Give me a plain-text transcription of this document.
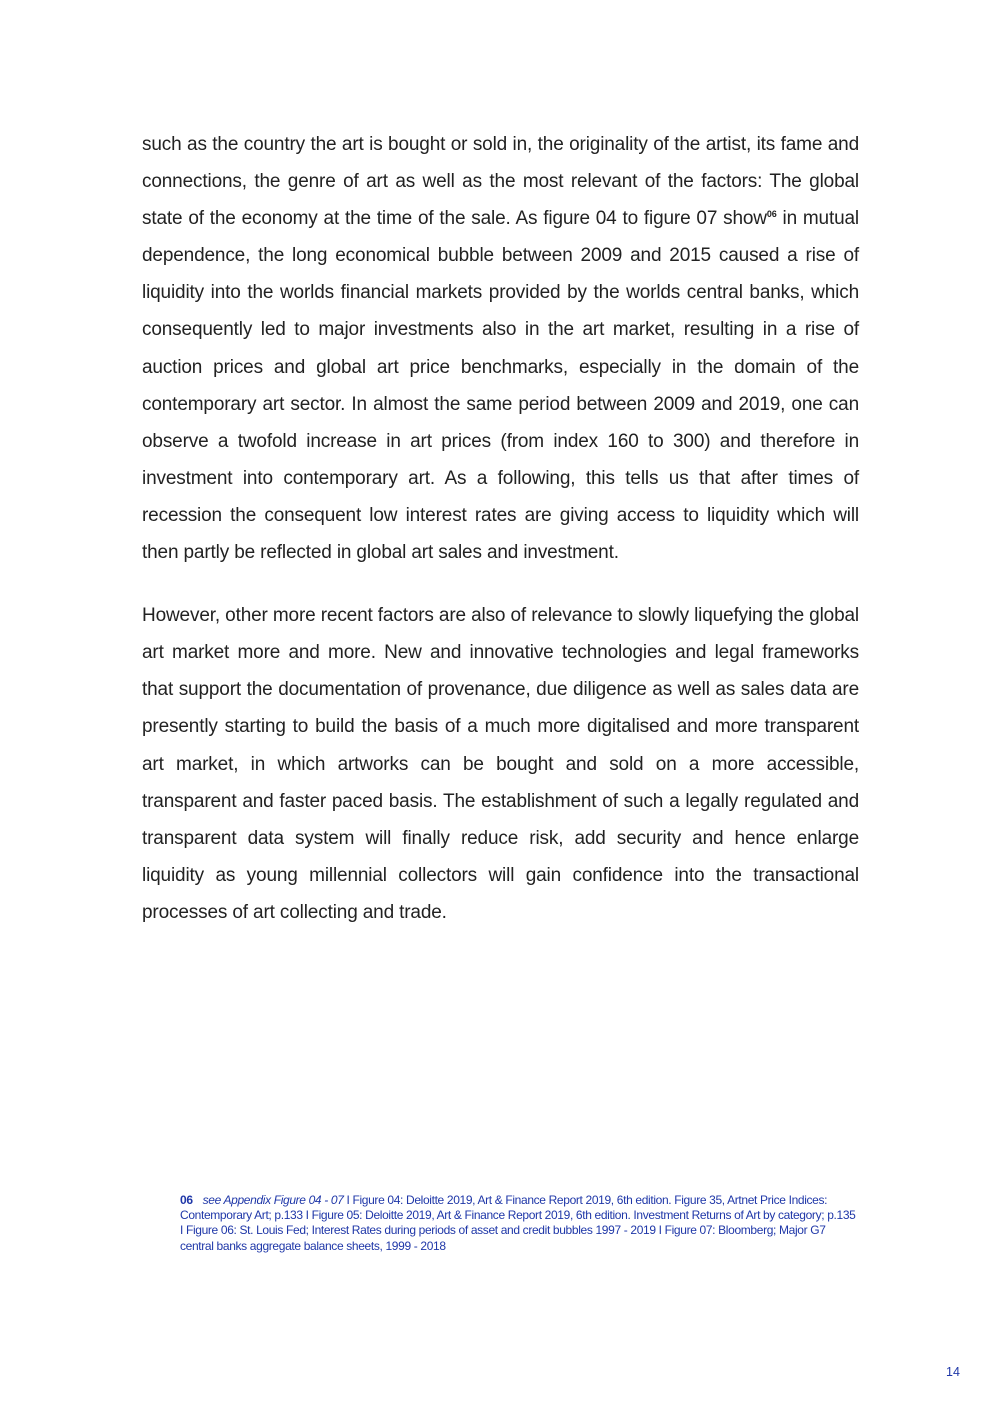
such as the country the art is bought or sold in, the originality of the artist, its fame and connections, the genre of art as well as the most relevant of the factors: The global state of the economy at the time of the sale. As figure 04 to figure 07 show$^{06}$ in mutual dependence, the long economical bubble between 2009 and 2015 caused a rise of liquidity into the worlds financial markets provided by the worlds central banks, which consequently led to major investments also in the art market, resulting in a rise of auction prices and global art price benchmarks, especially in the domain of the contemporary art sector. In almost the same period between 2009 and 2019, one can observe a twofold increase in art prices (from index 160 to 300) and therefore in investment into contemporary art. As a following, this tells us that after times of recession the consequent low interest rates are giving access to liquidity which will then partly be reflected in global art sales and investment.

However, other more recent factors are also of relevance to slowly liquefying the global art market more and more. New and innovative technologies and legal frameworks that support the documentation of provenance, due diligence as well as sales data are presently starting to build the basis of a much more digitalised and more transparent art market, in which artworks can be bought and sold on a more accessible, transparent and faster paced basis. The establishment of such a legally regulated and transparent data system will finally reduce risk, add security and hence enlarge liquidity as young millennial collectors will gain confidence into the transactional processes of art collecting and trade.

06 see Appendix Figure 04 - 07 I Figure 04: Deloitte 2019, Art & Finance Report 2019, 6th edition. Figure 35, Artnet Price Indices: Contemporary Art; p.133 I Figure 05: Deloitte 2019, Art & Finance Report 2019, 6th edition. Investment Returns of Art by category; p.135 I Figure 06: St. Louis Fed; Interest Rates during periods of asset and credit bubbles 1997 - 2019 I Figure 07: Bloomberg; Major G7 central banks aggregate balance sheets, 1999 - 2018
14
